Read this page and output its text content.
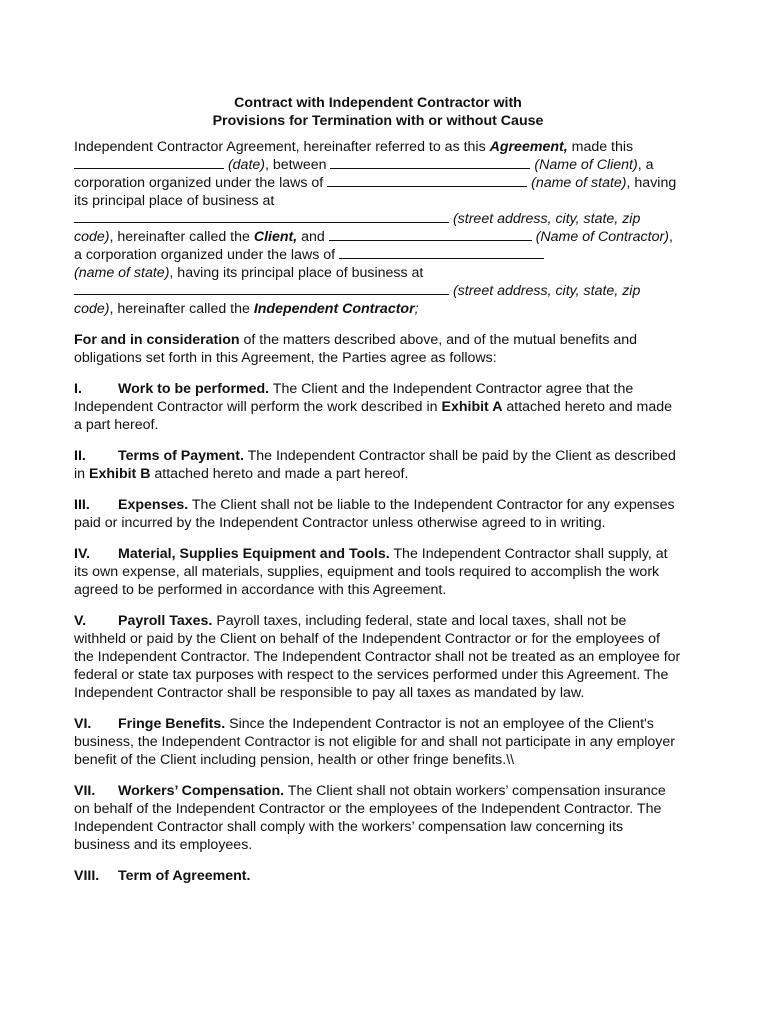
Contract with Independent Contractor with
Provisions for Termination with or without Cause

Independent Contractor Agreement, hereinafter referred to as this Agreement, made this
(date), between	(Name of Client), a corporation organized under the laws of	(name of state), having its principal place of business at
(street address, city, state, zip code), hereinafter called the Client, and	(Name of Contractor), a corporation organized under the laws of
(name of state), having its principal place of business at
(street address, city, state, zip code), hereinafter called the Independent Contractor;

For and in consideration of the matters described above, and of the mutual benefits and obligations set forth in this Agreement, the Parties agree as follows:

I.	Work to be performed. The Client and the Independent Contractor agree that the Independent Contractor will perform the work described in Exhibit A attached hereto and made a part hereof.

II. Terms of Payment. The Independent Contractor shall be paid by the Client as described in Exhibit B attached hereto and made a part hereof.

III. Expenses. The Client shall not be liable to the Independent Contractor for any expenses paid or incurred by the Independent Contractor unless otherwise agreed to in writing.

IV. Material, Supplies Equipment and Tools. The Independent Contractor shall supply, at its own expense, all materials, supplies, equipment and tools required to accomplish the work agreed to be performed in accordance with this Agreement.

V. Payroll Taxes. Payroll taxes, including federal, state and local taxes, shall not be withheld or paid by the Client on behalf of the Independent Contractor or for the employees of the Independent Contractor. The Independent Contractor shall not be treated as an employee for federal or state tax purposes with respect to the services performed under this Agreement. The Independent Contractor shall be responsible to pay all taxes as mandated by law.

VI. Fringe Benefits. Since the Independent Contractor is not an employee of the Client's business, the Independent Contractor is not eligible for and shall not participate in any employer benefit of the Client including pension, health or other fringe benefits.\\

VII. Workers’ Compensation. The Client shall not obtain workers’ compensation insurance on behalf of the Independent Contractor or the employees of the Independent Contractor. The Independent Contractor shall comply with the workers’ compensation law concerning its business and its employees.

VIII. Term of Agreement.
